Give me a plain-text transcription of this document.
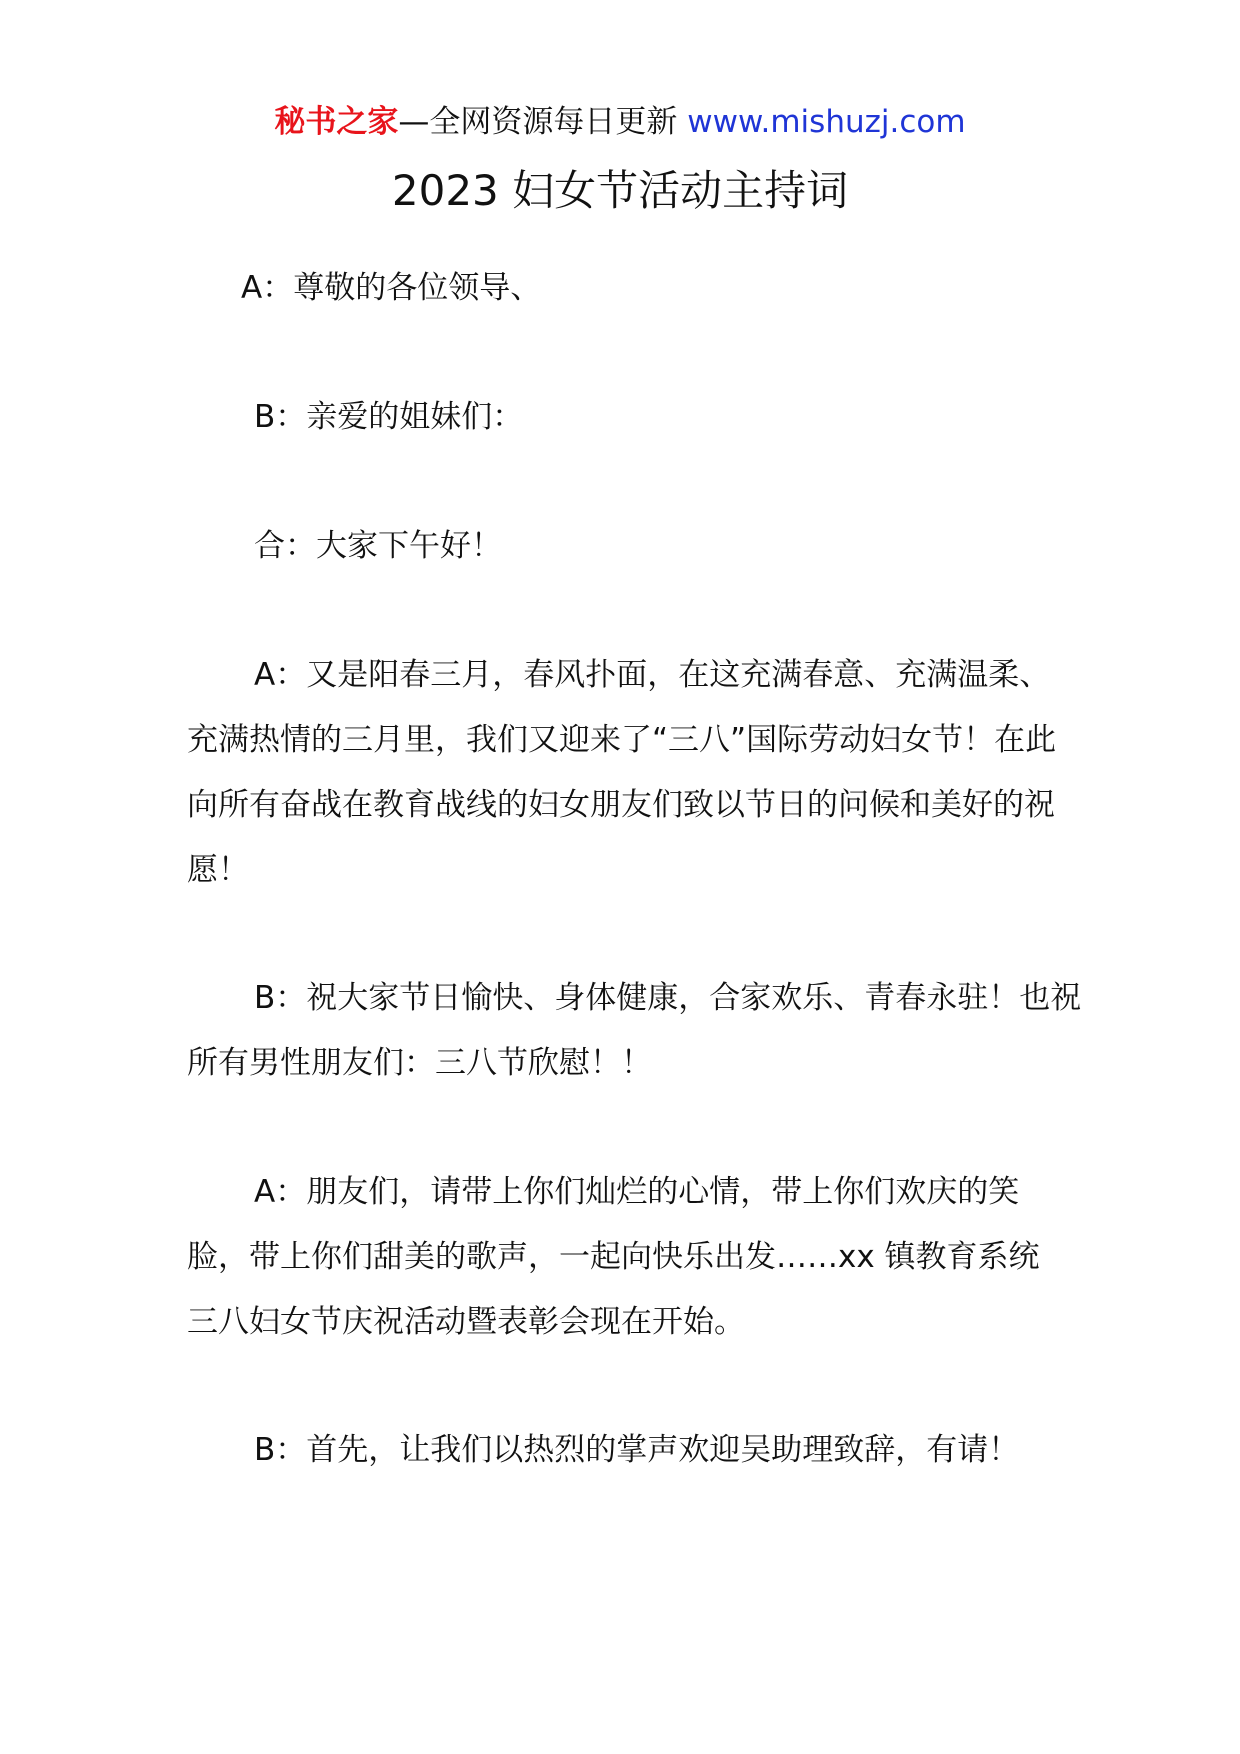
秘书之家—全网资源每日更新 www.mishuzj.com
2023 妇女节活动主持词

A：尊敬的各位领导、

B：亲爱的姐妹们：

合：大家下午好！

A：又是阳春三月，春风扑面，在这充满春意、充满温柔、充满热情的三月里，我们又迎来了“三八”国际劳动妇女节！在此向所有奋战在教育战线的妇女朋友们致以节日的问候和美好的祝愿！

B：祝大家节日愉快、身体健康，合家欢乐、青春永驻！也祝所有男性朋友们：三八节欣慰！！

A：朋友们，请带上你们灿烂的心情，带上你们欢庆的笑脸，带上你们甜美的歌声，一起向快乐出发……xx 镇教育系统三八妇女节庆祝活动暨表彰会现在开始。

B：首先，让我们以热烈的掌声欢迎吴助理致辞，有请！
